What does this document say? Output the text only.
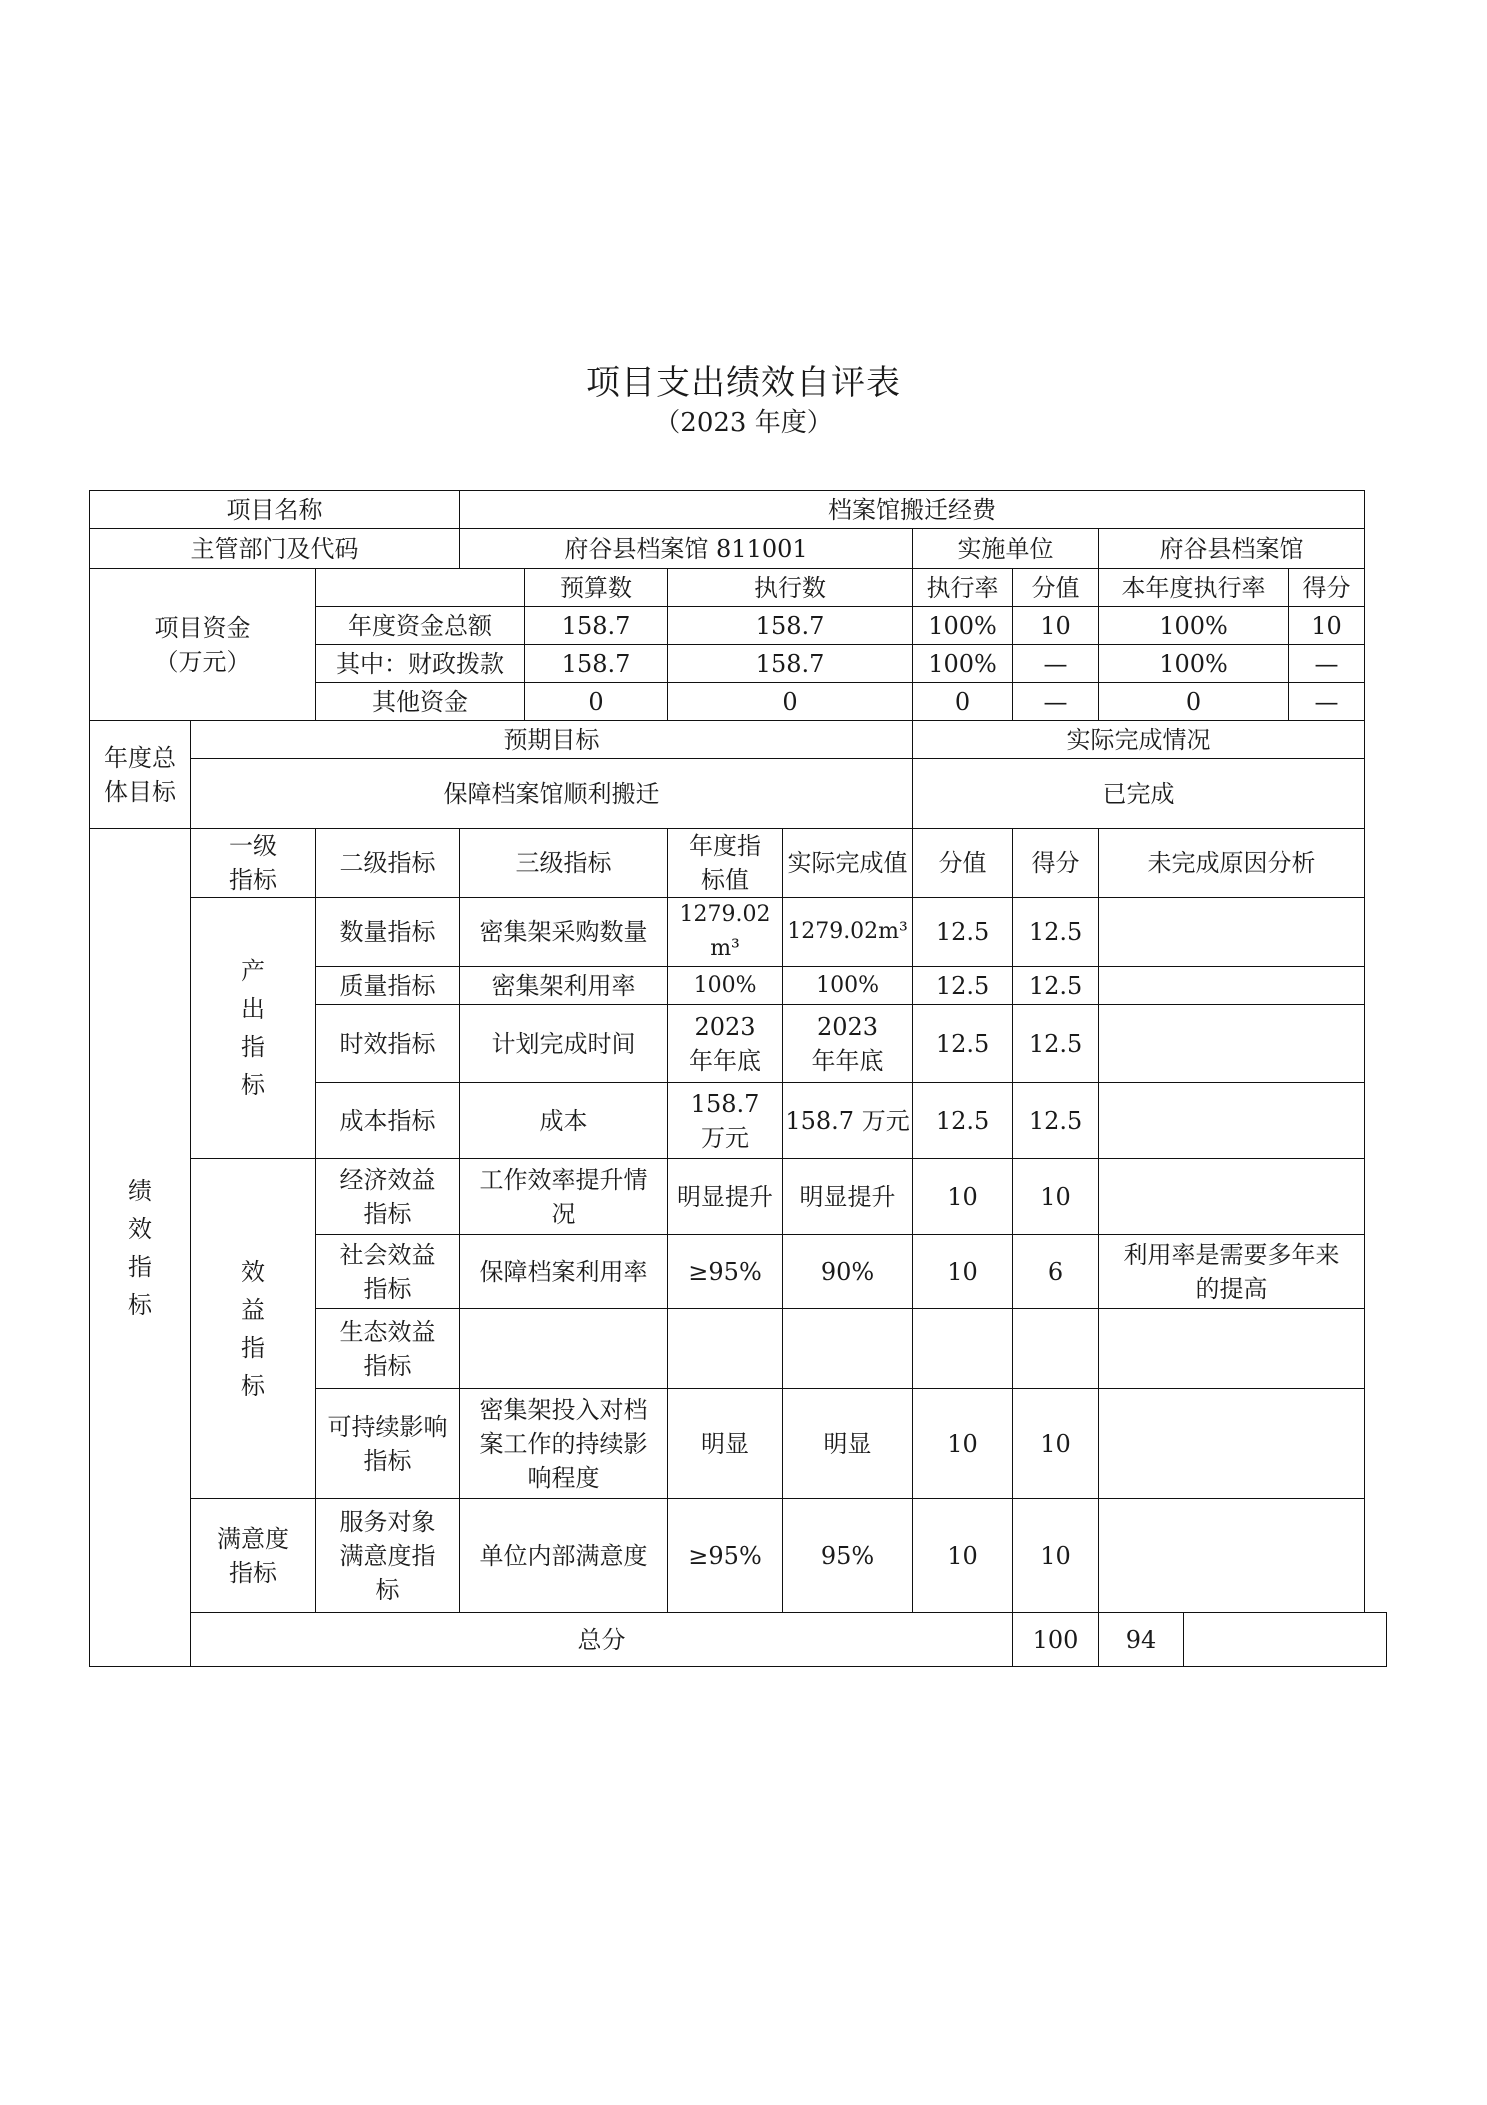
项目支出绩效自评表
（2023 年度）
项目名称			档案馆搬迁经费								
主管部门及代码			府谷县档案馆 811001				实施单位		府谷县档案馆		

项目资金
（万元）				预算数	执行数		执行率	分值	本年度执行率		得分
		年度资金总额		158.7	158.7		100%	10	100%		10
		其中：财政拨款		158.7	158.7		100%	—	100%		—
		其他资金		0	0		0	—	0		—
年度总体目标	预期目标						实际完成情况				
	保障档案馆顺利搬迁						已完成				
绩效指标	一级指标	二级指标	三级指标		年度指标值	实际完成值	分值	得分	未完成原因分析		
	产出指标	数量指标	密集架采购数量		1279.02m³	1279.02m³	12.5	12.5			
		质量指标	密集架利用率		100%	100%	12.5	12.5			
		时效指标	计划完成时间		2023 年年底	2023 年年底	12.5	12.5			
		成本指标	成本		158.7 万元	158.7 万元	12.5	12.5			
	效益指标	经济效益指标	工作效率提升情况		明显提升	明显提升	10	10			
		社会效益指标	保障档案利用率		≥95%	90%	10	6	利用率是需要多年来的提高		
		生态效益指标									
		可持续影响指标	密集架投入对档案工作的持续影响程度		明显	明显	10	10			
	满意度指标	服务对象满意度指标	单位内部满意度		≥95%	95%	10	10			
	总分							100	94		
